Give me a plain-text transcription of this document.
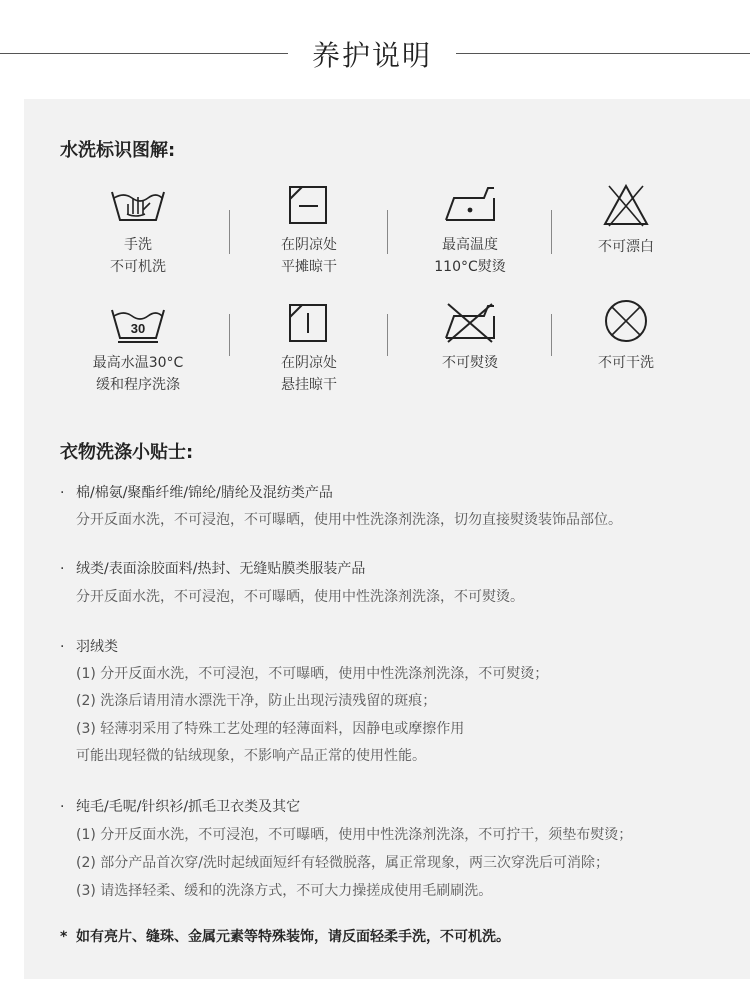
养护说明
水洗标识图解:
手洗
不可机洗
在阴凉处
平摊晾干
最高温度
110°C熨烫
不可漂白
30
最高水温30°C
缓和程序洗涤
在阴凉处
悬挂晾干
不可熨烫	不可干洗
衣物洗涤小贴士:
· 棉/棉氨/聚酯纤维/锦纶/腈纶及混纺类产品
分开反面水洗，不可浸泡，不可曝晒，使用中性洗涤剂洗涤，切勿直接熨烫装饰品部位。
· 绒类/表面涂胶面料/热封、无缝贴膜类服装产品
分开反面水洗，不可浸泡，不可曝晒，使用中性洗涤剂洗涤，不可熨烫。
· 羽绒类
(1) 分开反面水洗，不可浸泡，不可曝晒，使用中性洗涤剂洗涤，不可熨烫；
(2) 洗涤后请用清水漂洗干净，防止出现污渍残留的斑痕；
(3) 轻薄羽采用了特殊工艺处理的轻薄面料，因静电或摩擦作用
可能出现轻微的钻绒现象，不影响产品正常的使用性能。
· 纯毛/毛呢/针织衫/抓毛卫衣类及其它
(1) 分开反面水洗，不可浸泡，不可曝晒，使用中性洗涤剂洗涤，不可拧干，须垫布熨烫；
(2) 部分产品首次穿/洗时起绒面短纤有轻微脱落，属正常现象，两三次穿洗后可消除；
(3) 请选择轻柔、缓和的洗涤方式，不可大力操搓成使用毛刷刷洗。
* 如有亮片、缝珠、金属元素等特殊装饰，请反面轻柔手洗，不可机洗。
